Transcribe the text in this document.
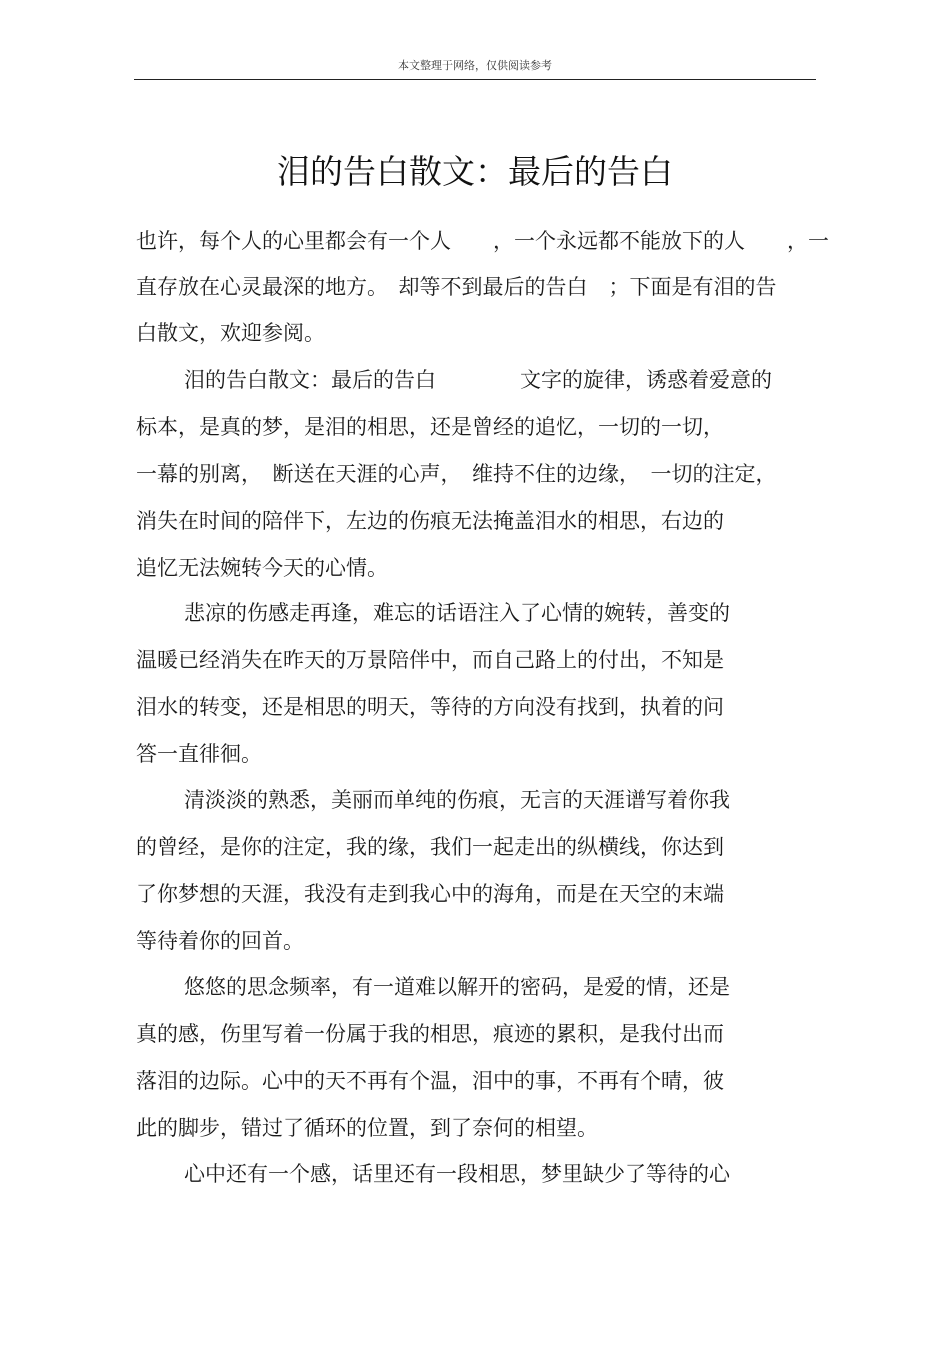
本文整理于网络，仅供阅读参考
泪的告白散文：最后的告白
也许，每个人的心里都会有一个人　　，一个永远都不能放下的人　　，一
直存放在心灵最深的地方。　却等不到最后的告白　；下面是有泪的告
白散文，欢迎参阅。
泪的告白散文：最后的告白　　　　文字的旋律，诱惑着爱意的
标本，是真的梦，是泪的相思，还是曾经的追忆，一切的一切，
一幕的别离，　断送在天涯的心声，　维持不住的边缘，　一切的注定，
消失在时间的陪伴下，左边的伤痕无法掩盖泪水的相思，右边的
追忆无法婉转今天的心情。
悲凉的伤感走再逢，难忘的话语注入了心情的婉转，善变的
温暖已经消失在昨天的万景陪伴中，而自己路上的付出，不知是
泪水的转变，还是相思的明天，等待的方向没有找到，执着的问
答一直徘徊。
清淡淡的熟悉，美丽而单纯的伤痕，无言的天涯谱写着你我
的曾经，是你的注定，我的缘，我们一起走出的纵横线，你达到
了你梦想的天涯，我没有走到我心中的海角，而是在天空的末端
等待着你的回首。
悠悠的思念频率，有一道难以解开的密码，是爱的情，还是
真的感，伤里写着一份属于我的相思，痕迹的累积，是我付出而
落泪的边际。心中的天不再有个温，泪中的事，不再有个晴，彼
此的脚步，错过了循环的位置，到了奈何的相望。
心中还有一个感，话里还有一段相思，梦里缺少了等待的心
